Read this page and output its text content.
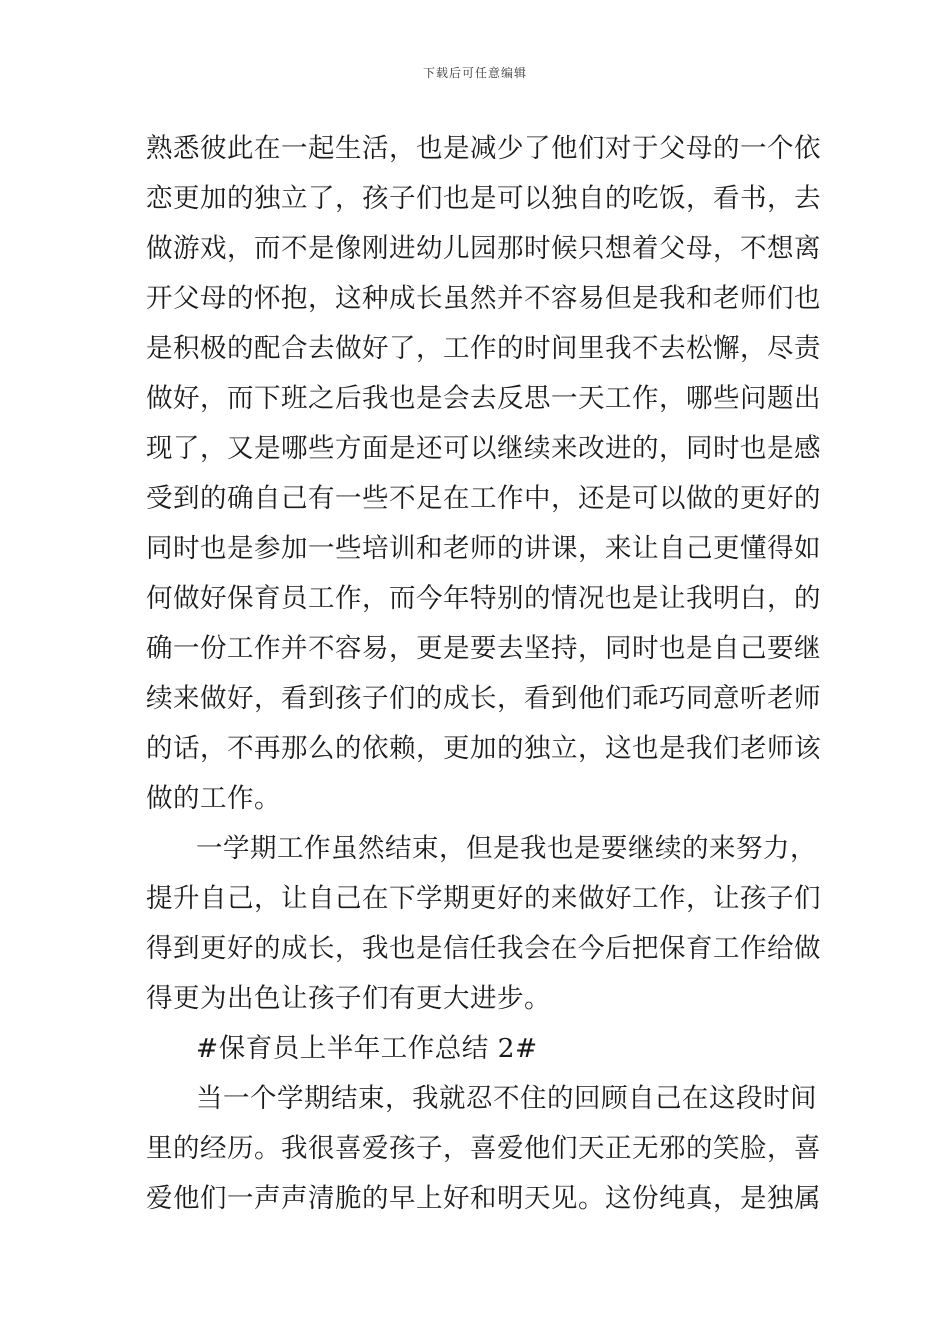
下载后可任意编辑
熟悉彼此在一起生活，也是减少了他们对于父母的一个依
恋更加的独立了，孩子们也是可以独自的吃饭，看书，去
做游戏，而不是像刚进幼儿园那时候只想着父母，不想离
开父母的怀抱，这种成长虽然并不容易但是我和老师们也
是积极的配合去做好了，工作的时间里我不去松懈，尽责
做好，而下班之后我也是会去反思一天工作，哪些问题出
现了，又是哪些方面是还可以继续来改进的，同时也是感
受到的确自己有一些不足在工作中，还是可以做的更好的
同时也是参加一些培训和老师的讲课，来让自己更懂得如
何做好保育员工作，而今年特别的情况也是让我明白，的
确一份工作并不容易，更是要去坚持，同时也是自己要继
续来做好，看到孩子们的成长，看到他们乖巧同意听老师
的话，不再那么的依赖，更加的独立，这也是我们老师该
做的工作。
一学期工作虽然结束，但是我也是要继续的来努力，
提升自己，让自己在下学期更好的来做好工作，让孩子们
得到更好的成长，我也是信任我会在今后把保育工作给做
得更为出色让孩子们有更大进步。
#保育员上半年工作总结 2#
当一个学期结束，我就忍不住的回顾自己在这段时间
里的经历。我很喜爱孩子，喜爱他们天正无邪的笑脸，喜
爱他们一声声清脆的早上好和明天见。这份纯真，是独属
